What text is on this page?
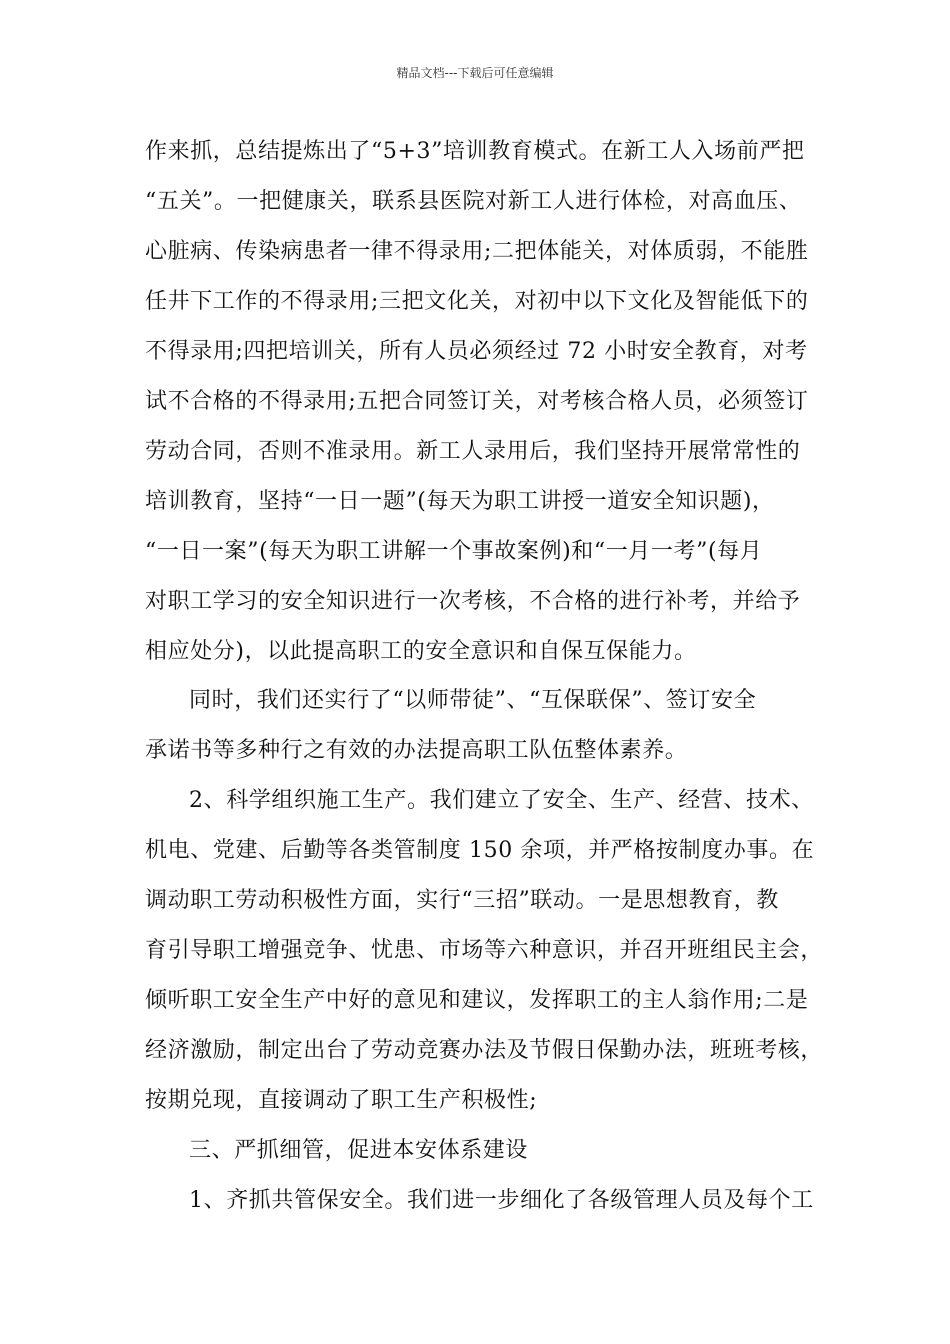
精品文档---下载后可任意编辑
作来抓，总结提炼出了“5+3”培训教育模式。在新工人入场前严把
“五关”。一把健康关，联系县医院对新工人进行体检，对高血压、
心脏病、传染病患者一律不得录用;二把体能关，对体质弱，不能胜
任井下工作的不得录用;三把文化关，对初中以下文化及智能低下的
不得录用;四把培训关，所有人员必须经过 72 小时安全教育，对考
试不合格的不得录用;五把合同签订关，对考核合格人员，必须签订
劳动合同，否则不准录用。新工人录用后，我们坚持开展常常性的
培训教育，坚持“一日一题”(每天为职工讲授一道安全知识题)，
“一日一案”(每天为职工讲解一个事故案例)和“一月一考”(每月
对职工学习的安全知识进行一次考核，不合格的进行补考，并给予
相应处分)，以此提高职工的安全意识和自保互保能力。
同时，我们还实行了“以师带徒”、“互保联保”、签订安全
承诺书等多种行之有效的办法提高职工队伍整体素养。
2、科学组织施工生产。我们建立了安全、生产、经营、技术、
机电、党建、后勤等各类管制度 150 余项，并严格按制度办事。在
调动职工劳动积极性方面，实行“三招”联动。一是思想教育，教
育引导职工增强竞争、忧患、市场等六种意识，并召开班组民主会，
倾听职工安全生产中好的意见和建议，发挥职工的主人翁作用;二是
经济激励，制定出台了劳动竞赛办法及节假日保勤办法，班班考核，
按期兑现，直接调动了职工生产积极性;
三、严抓细管，促进本安体系建设
1、齐抓共管保安全。我们进一步细化了各级管理人员及每个工
